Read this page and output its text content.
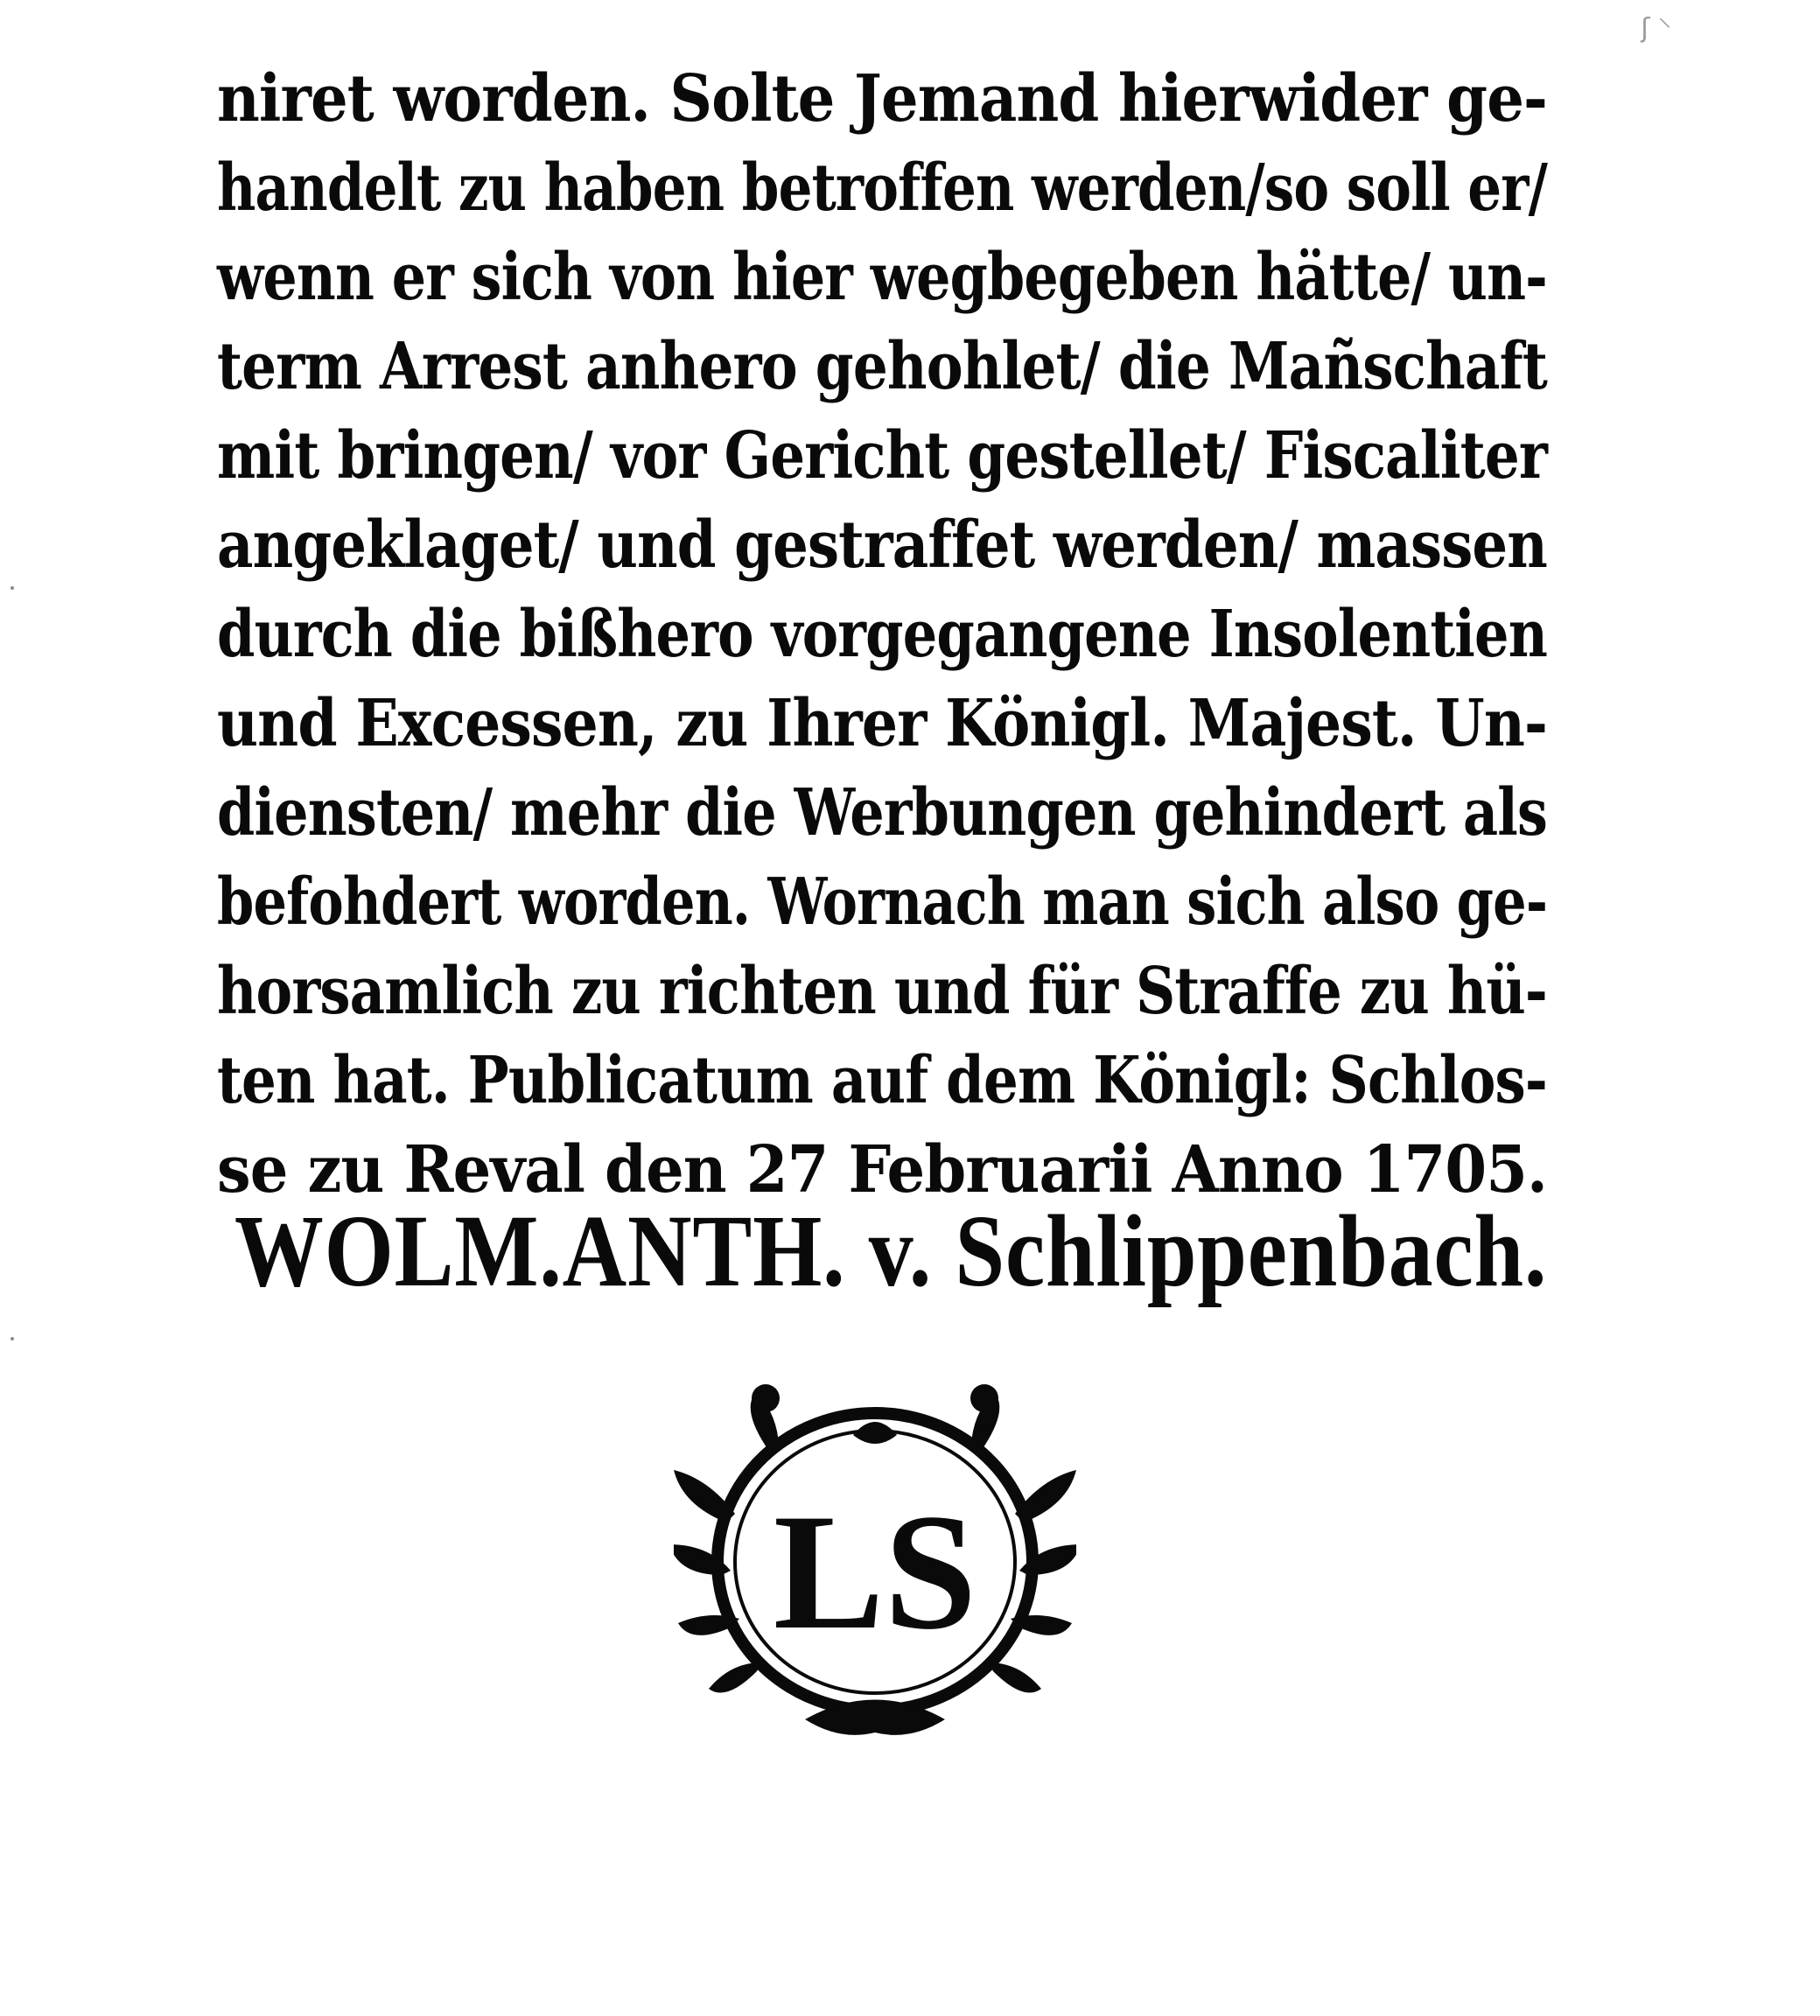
ʃ ⸌
niret worden. Solte Jemand hierwider ge-
handelt zu haben betroffen werden/so soll er/
wenn er sich von hier wegbegeben hätte/ un-
term Arrest anhero gehohlet/ die Mañschaft
mit bringen/ vor Gericht gestellet/ Fiscaliter
angeklaget/ und gestraffet werden/ massen
durch die bißhero vorgegangene Insolentien
und Excessen, zu Ihrer Königl. Majest. Un-
diensten/ mehr die Werbungen gehindert als
befohdert worden. Wornach man sich also ge-
horsamlich zu richten und für Straffe zu hü-
ten hat. Publicatum auf dem Königl: Schlos-
se zu Reval den 27 Februarii Anno 1705.
WOLM.ANTH. v. Schlippenbach.
LS
